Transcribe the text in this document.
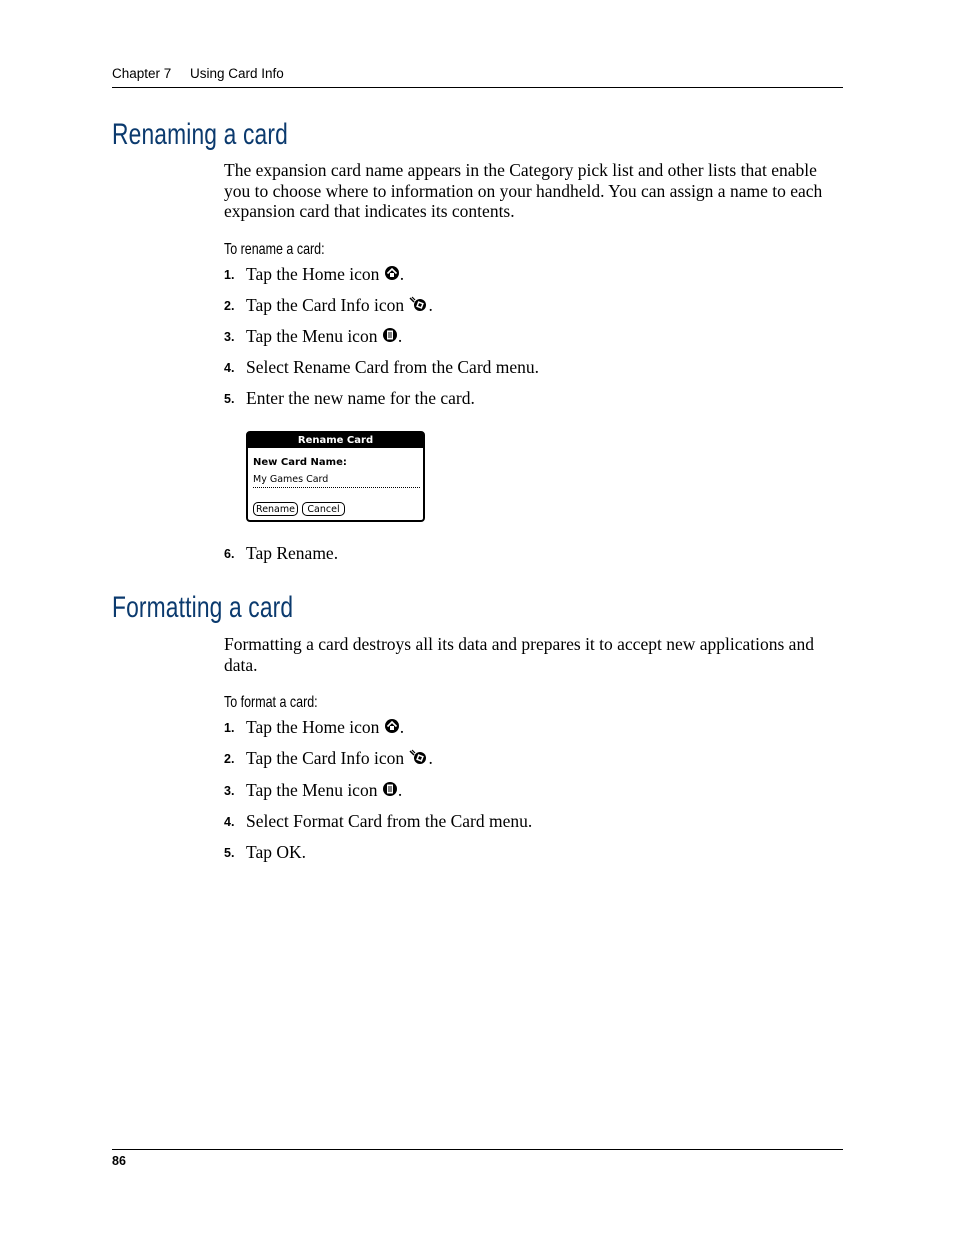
Chapter 7 Using Card Info
Renaming a card
The expansion card name appears in the Category pick list and other lists that enable you to choose where to information on your handheld. You can assign a name to each expansion card that indicates its contents.
To rename a card:
1. Tap the Home icon .
2. Tap the Card Info icon .
3. Tap the Menu icon .
4. Select Rename Card from the Card menu.
5. Enter the new name for the card.
Rename Card
New Card Name:
My Games Card
Rename	Cancel
6. Tap Rename.
Formatting a card
Formatting a card destroys all its data and prepares it to accept new applications and data.
To format a card:
1. Tap the Home icon .
2. Tap the Card Info icon .
3. Tap the Menu icon .
4. Select Format Card from the Card menu.
5. Tap OK.
86
